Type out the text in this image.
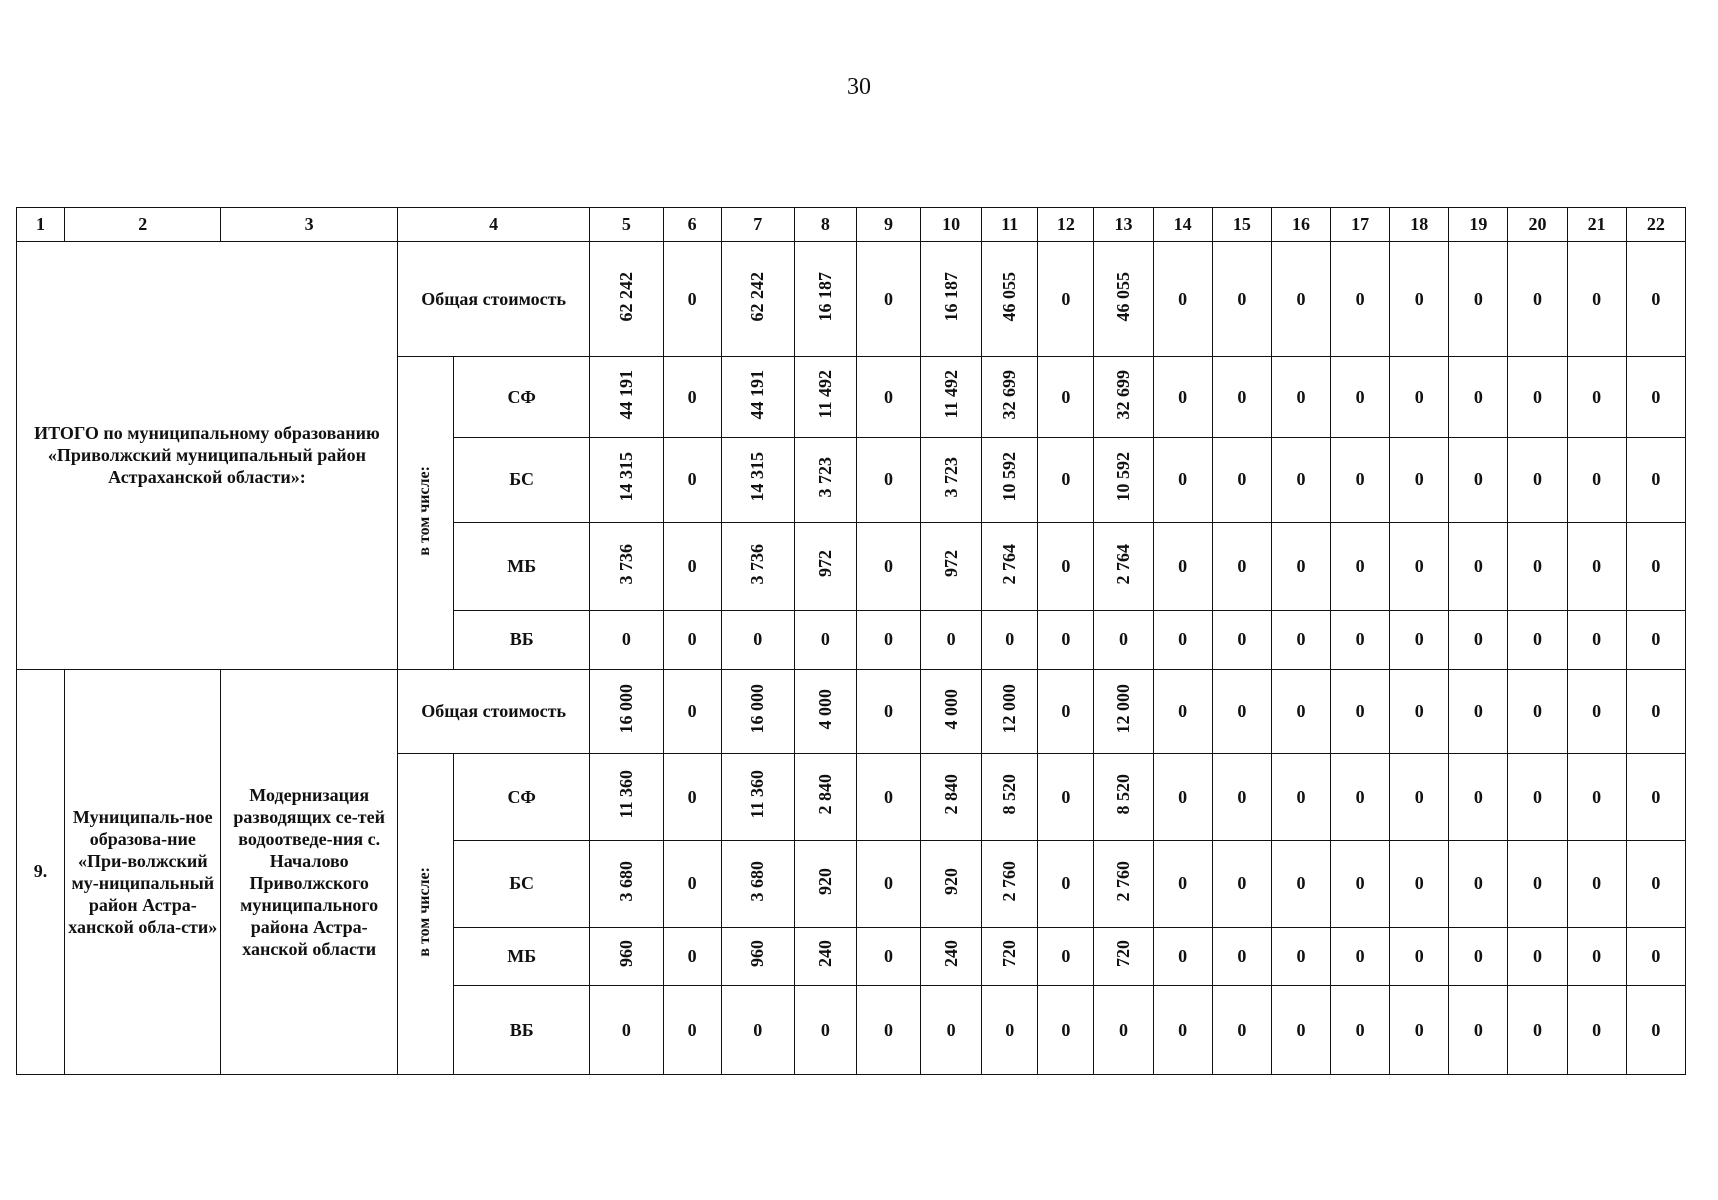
30
1	2	3	4		5	6	7	8	9	10	11	12	13	14	15	16	17	18	19	20	21	22
ИТОГО по муниципальному образованию «Приволжский муниципальный район Астраханской области»:			Общая стоимость		62 242	0	62 242	16 187	0	16 187	46 055	0	46 055	0	0	0	0	0	0	0	0	0
			в том числе:	СФ	44 191	0	44 191	11 492	0	11 492	32 699	0	32 699	0	0	0	0	0	0	0	0	0
				БС	14 315	0	14 315	3 723	0	3 723	10 592	0	10 592	0	0	0	0	0	0	0	0	0
				МБ	3 736	0	3 736	972	0	972	2 764	0	2 764	0	0	0	0	0	0	0	0	0
				ВБ	0	0	0	0	0	0	0	0	0	0	0	0	0	0	0	0	0	0
9.	Муниципаль-ное образова-ние «При-волжский му-ниципальный район Астра-ханской обла-сти»	Модернизация разводящих се-тей водоотведе-ния с. Началово Приволжского муниципального района Астра-ханской области	Общая стоимость		16 000	0	16 000	4 000	0	4 000	12 000	0	12 000	0	0	0	0	0	0	0	0	0
			в том числе:	СФ	11 360	0	11 360	2 840	0	2 840	8 520	0	8 520	0	0	0	0	0	0	0	0	0
				БС	3 680	0	3 680	920	0	920	2 760	0	2 760	0	0	0	0	0	0	0	0	0
				МБ	960	0	960	240	0	240	720	0	720	0	0	0	0	0	0	0	0	0
				ВБ	0	0	0	0	0	0	0	0	0	0	0	0	0	0	0	0	0	0
